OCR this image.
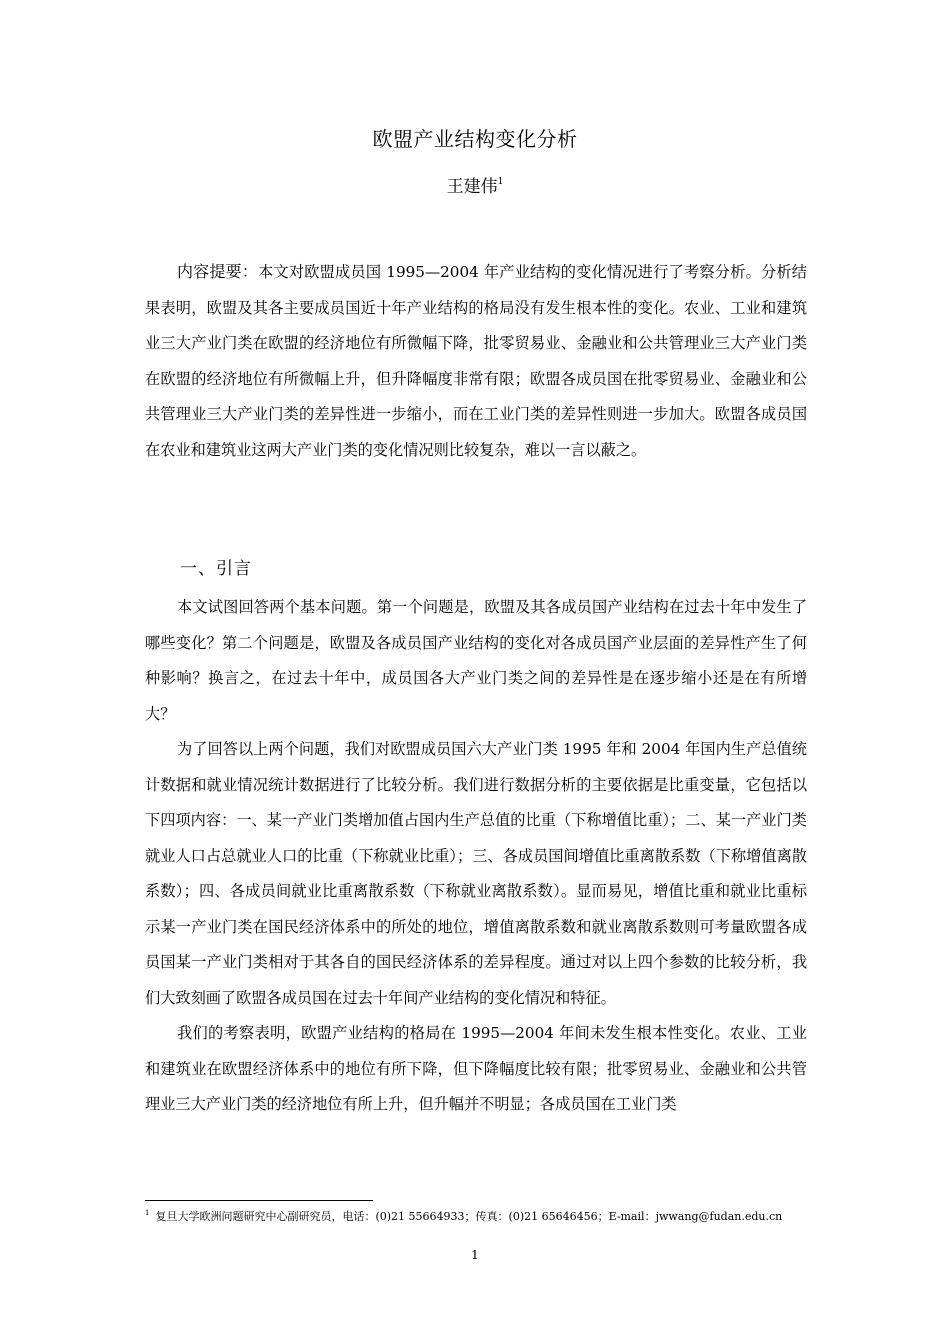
欧盟产业结构变化分析
王建伟$^1$

内容提要：本文对欧盟成员国 1995—2004 年产业结构的变化情况进行了考察分析。分析结果表明，欧盟及其各主要成员国近十年产业结构的格局没有发生根本性的变化。农业、工业和建筑业三大产业门类在欧盟的经济地位有所微幅下降，批零贸易业、金融业和公共管理业三大产业门类在欧盟的经济地位有所微幅上升，但升降幅度非常有限；欧盟各成员国在批零贸易业、金融业和公共管理业三大产业门类的差异性进一步缩小，而在工业门类的差异性则进一步加大。欧盟各成员国在农业和建筑业这两大产业门类的变化情况则比较复杂，难以一言以蔽之。

一、引言

本文试图回答两个基本问题。第一个问题是，欧盟及其各成员国产业结构在过去十年中发生了哪些变化？第二个问题是，欧盟及各成员国产业结构的变化对各成员国产业层面的差异性产生了何种影响？换言之，在过去十年中，成员国各大产业门类之间的差异性是在逐步缩小还是在有所增大？

为了回答以上两个问题，我们对欧盟成员国六大产业门类 1995 年和 2004 年国内生产总值统计数据和就业情况统计数据进行了比较分析。我们进行数据分析的主要依据是比重变量，它包括以下四项内容：一、某一产业门类增加值占国内生产总值的比重（下称增值比重）；二、某一产业门类就业人口占总就业人口的比重（下称就业比重）；三、各成员国间增值比重离散系数（下称增值离散系数）；四、各成员间就业比重离散系数（下称就业离散系数）。显而易见，增值比重和就业比重标示某一产业门类在国民经济体系中的所处的地位，增值离散系数和就业离散系数则可考量欧盟各成员国某一产业门类相对于其各自的国民经济体系的差异程度。通过对以上四个参数的比较分析，我们大致刻画了欧盟各成员国在过去十年间产业结构的变化情况和特征。

我们的考察表明，欧盟产业结构的格局在 1995—2004 年间未发生根本性变化。农业、工业和建筑业在欧盟经济体系中的地位有所下降，但下降幅度比较有限；批零贸易业、金融业和公共管理业三大产业门类的经济地位有所上升，但升幅并不明显；各成员国在工业门类

$^1$ 复旦大学欧洲问题研究中心副研究员，电话：(0)21 55664933；传真：(0)21 65646456；E-mail：jwwang@fudan.edu.cn
1
